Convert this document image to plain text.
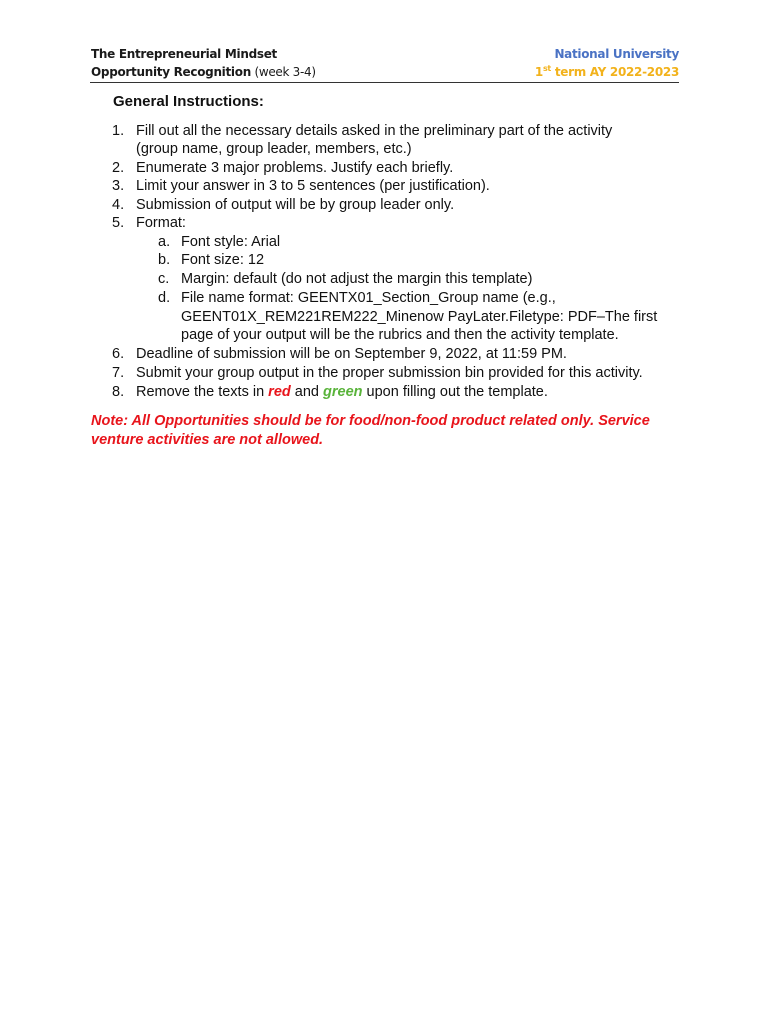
The Entrepreneurial Mindset
Opportunity Recognition (week 3-4)
National University
1st term AY 2022-2023
General Instructions:
1. Fill out all the necessary details asked in the preliminary part of the activity
(group name, group leader, members, etc.)
2. Enumerate 3 major problems. Justify each briefly.
3. Limit your answer in 3 to 5 sentences (per justification).
4. Submission of output will be by group leader only.
5. Format:
a. Font style: Arial
b. Font size: 12
c. Margin: default (do not adjust the margin this template)
d. File name format: GEENTX01_Section_Group name (e.g.,
GEENT01X_REM221REM222_Minenow PayLater.Filetype: PDF–The first
page of your output will be the rubrics and then the activity template.
6. Deadline of submission will be on September 9, 2022, at 11:59 PM.
7. Submit your group output in the proper submission bin provided for this activity.
8. Remove the texts in red and green upon filling out the template.
Note: All Opportunities should be for food/non-food product related only. Service
venture activities are not allowed.
